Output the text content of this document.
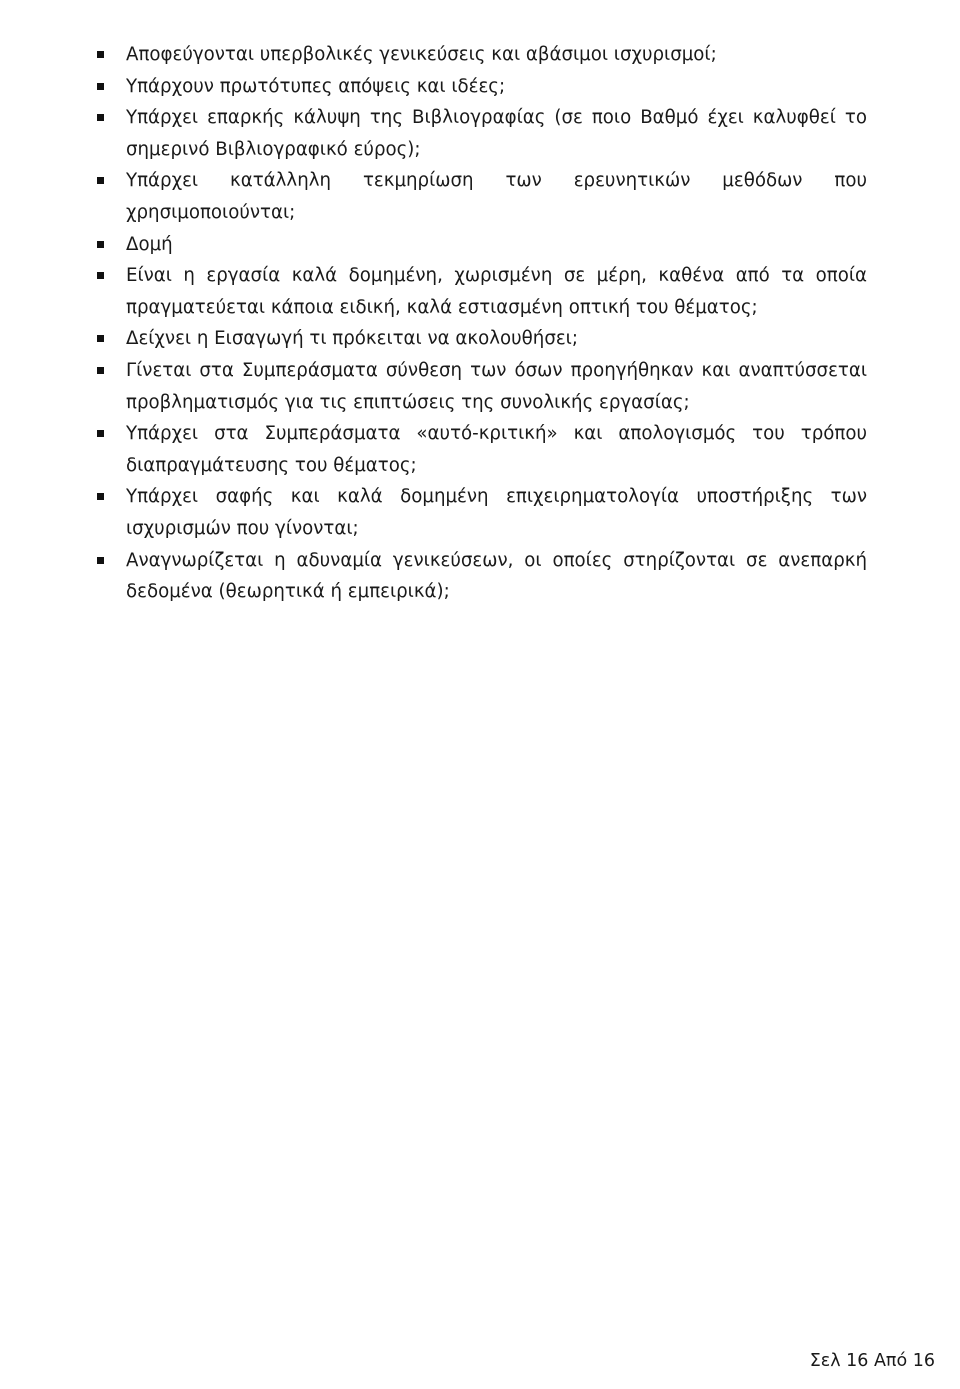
Αποφεύγονται υπερβολικές γενικεύσεις και αβάσιμοι ισχυρισμοί;
Υπάρχουν πρωτότυπες απόψεις και ιδέες;
Υπάρχει επαρκής κάλυψη της Βιβλιογραφίας (σε ποιο Βαθμό έχει καλυφθεί το σημερινό Βιβλιογραφικό εύρος);
Υπάρχει κατάλληλη τεκμηρίωση των ερευνητικών μεθόδων που χρησιμοποιούνται;
Δομή
Είναι η εργασία καλά δομημένη, χωρισμένη σε μέρη, καθένα από τα οποία πραγματεύεται κάποια ειδική, καλά εστιασμένη οπτική του θέματος;
Δείχνει η Εισαγωγή τι πρόκειται να ακολουθήσει;
Γίνεται στα Συμπεράσματα σύνθεση των όσων προηγήθηκαν και αναπτύσσεται προβληματισμός για τις επιπτώσεις της συνολικής εργασίας;
Υπάρχει στα Συμπεράσματα «αυτό-κριτική» και απολογισμός του τρόπου διαπραγμάτευσης του θέματος;
Υπάρχει σαφής και καλά δομημένη επιχειρηματολογία υποστήριξης των ισχυρισμών που γίνονται;
Αναγνωρίζεται η αδυναμία γενικεύσεων, οι οποίες στηρίζονται σε ανεπαρκή δεδομένα (θεωρητικά ή εμπειρικά);
Σελ 16 Από 16
